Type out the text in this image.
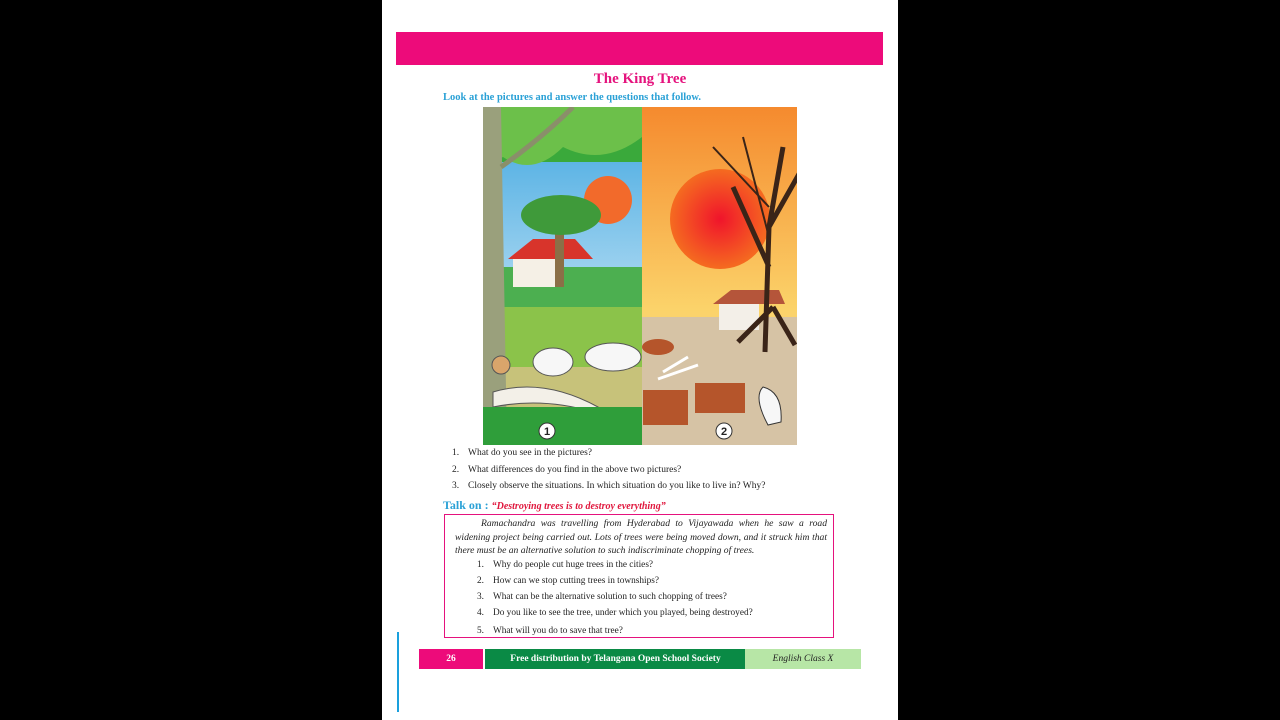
The King Tree
Look at the pictures and answer the questions that follow.
1	2
1. What do you see in the pictures?
2. What differences do you find in the above two pictures?
3. Closely observe the situations. In which situation do you like to live in? Why?
Talk on : “Destroying trees is to destroy everything”
Ramachandra was travelling from Hyderabad to Vijayawada when he saw a road widening project being carried out. Lots of trees were being moved down, and it struck him that there must be an alternative solution to such indiscriminate chopping of trees.
1. Why do people cut huge trees in the cities?
2. How can we stop cutting trees in townships?
3. What can be the alternative solution to such chopping of trees?
4. Do you like to see the tree, under which you played, being destroyed?
5. What will you do to save that tree?
26	Free distribution by Telangana Open School Society	English Class X
